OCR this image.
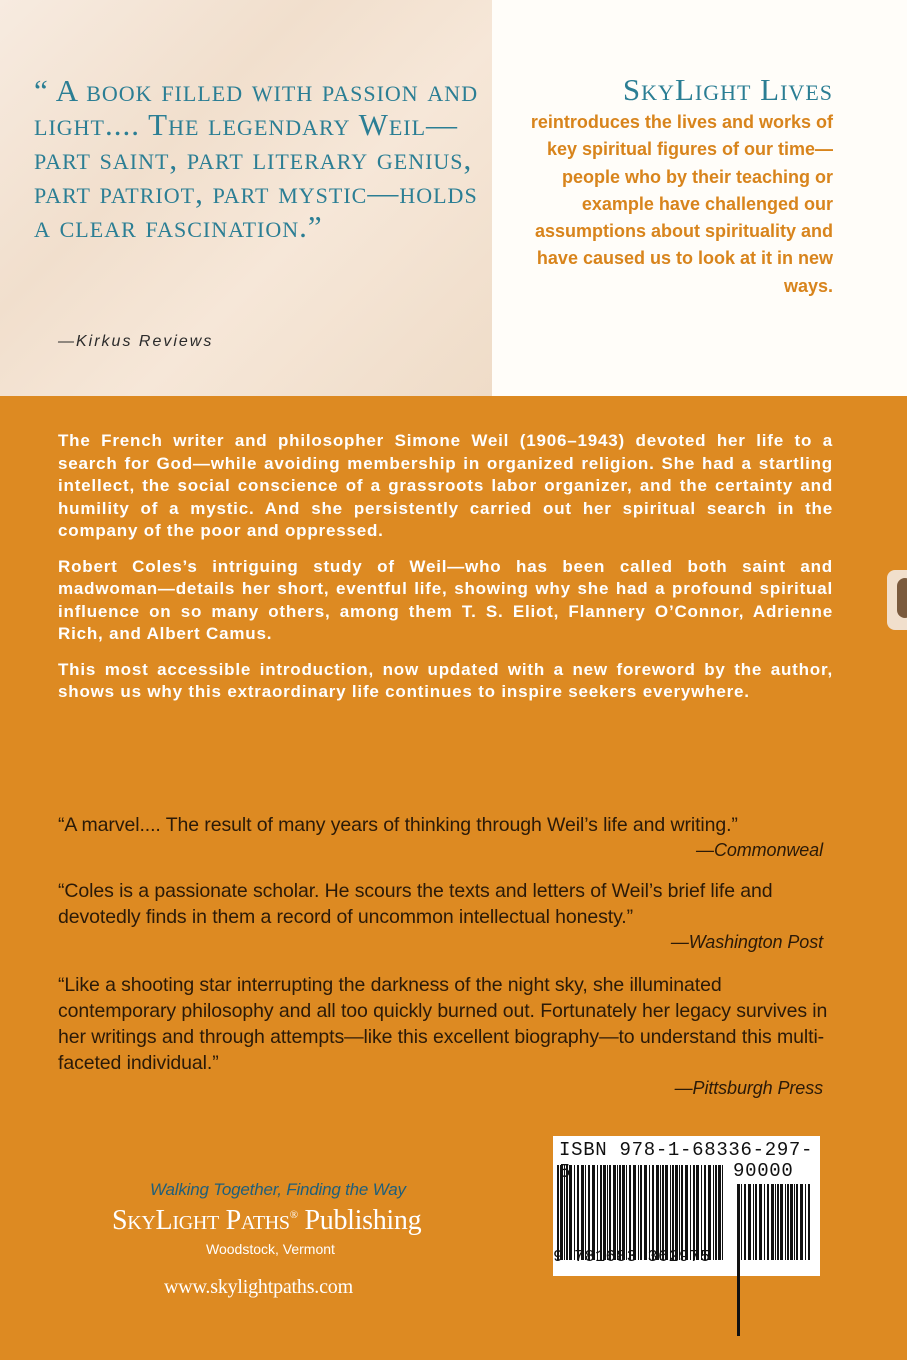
“ A book filled with passion and light.... The legendary Weil— part saint, part literary genius, part patriot, part mystic—holds a clear fascination.”

—Kirkus Reviews

SkyLight Lives

reintroduces the lives and works of key spiritual figures of our time—people who by their teaching or example have challenged our assumptions about spirituality and have caused us to look at it in new ways.

The French writer and philosopher Simone Weil (1906–1943) devoted her life to a search for God—while avoiding membership in organized religion. She had a startling intellect, the social conscience of a grassroots labor organizer, and the certainty and humility of a mystic. And she persistently carried out her spiritual search in the company of the poor and oppressed.

Robert Coles’s intriguing study of Weil—who has been called both saint and madwoman—details her short, eventful life, showing why she had a profound spiritual influence on so many others, among them T. S. Eliot, Flannery O’Connor, Adrienne Rich, and Albert Camus.

This most accessible introduction, now updated with a new foreword by the author, shows us why this extraordinary life continues to inspire seekers everywhere.

“A marvel.... The result of many years of thinking through Weil’s life and writing.”

—Commonweal

“Coles is a passionate scholar. He scours the texts and letters of Weil’s brief life and devotedly finds in them a record of uncommon intellectual honesty.”

—Washington Post

“Like a shooting star interrupting the darkness of the night sky, she illuminated contemporary philosophy and all too quickly burned out. Fortunately her legacy survives in her writings and through attempts—like this excellent biography—to understand this multi-faceted individual.”

—Pittsburgh Press

Walking Together, Finding the Way

SkyLight Paths® Publishing

Woodstock, Vermont

www.skylightpaths.com

ISBN 978-1-68336-297-

90000

9 781683 362975
